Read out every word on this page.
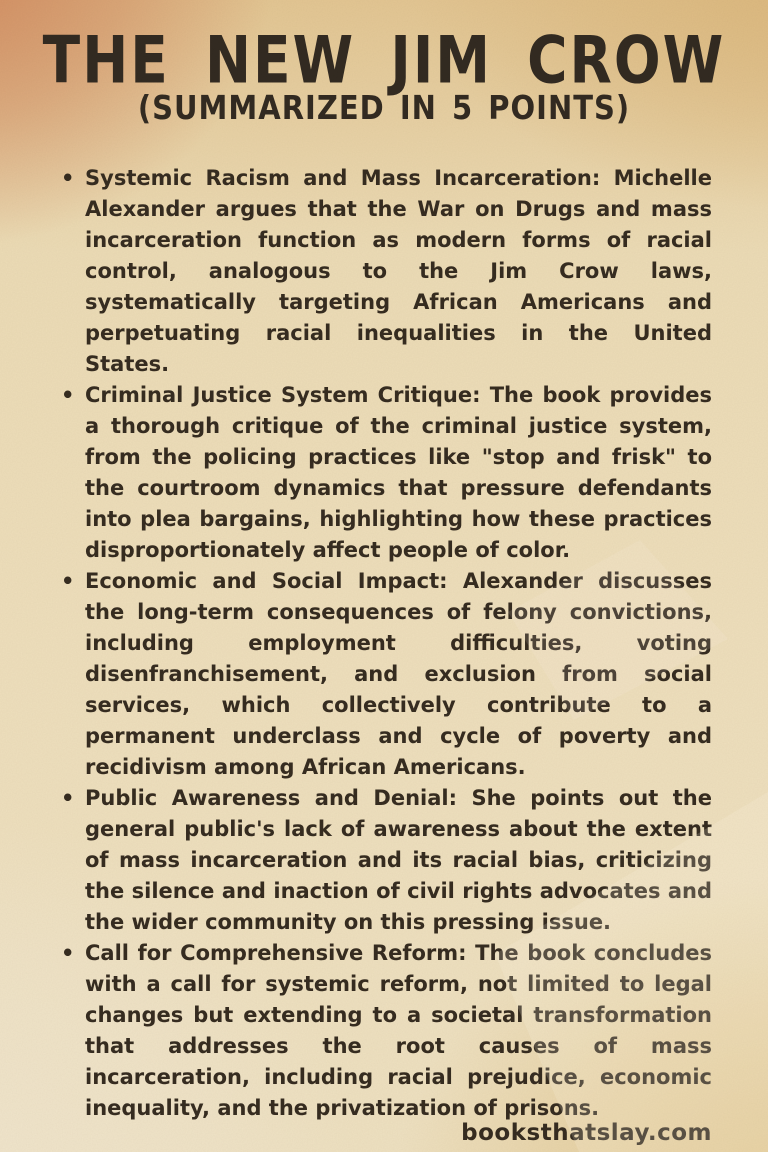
THE NEW JIM CROW
(SUMMARIZED IN 5 POINTS)
• Systemic Racism and Mass Incarceration: Michelle Alexander argues that the War on Drugs and mass incarceration function as modern forms of racial control, analogous to the Jim Crow laws, systematically targeting African Americans and perpetuating racial inequalities in the United States.
• Criminal Justice System Critique: The book provides a thorough critique of the criminal justice system, from the policing practices like "stop and frisk" to the courtroom dynamics that pressure defendants into plea bargains, highlighting how these practices disproportionately affect people of color.
• Economic and Social Impact: Alexander discusses the long-term consequences of felony convictions, including employment difficulties, voting disenfranchisement, and exclusion from social services, which collectively contribute to a permanent underclass and cycle of poverty and recidivism among African Americans.
• Public Awareness and Denial: She points out the general public's lack of awareness about the extent of mass incarceration and its racial bias, criticizing the silence and inaction of civil rights advocates and the wider community on this pressing issue.
• Call for Comprehensive Reform: The book concludes with a call for systemic reform, not limited to legal changes but extending to a societal transformation that addresses the root causes of mass incarceration, including racial prejudice, economic inequality, and the privatization of prisons.
booksthatslay.com
